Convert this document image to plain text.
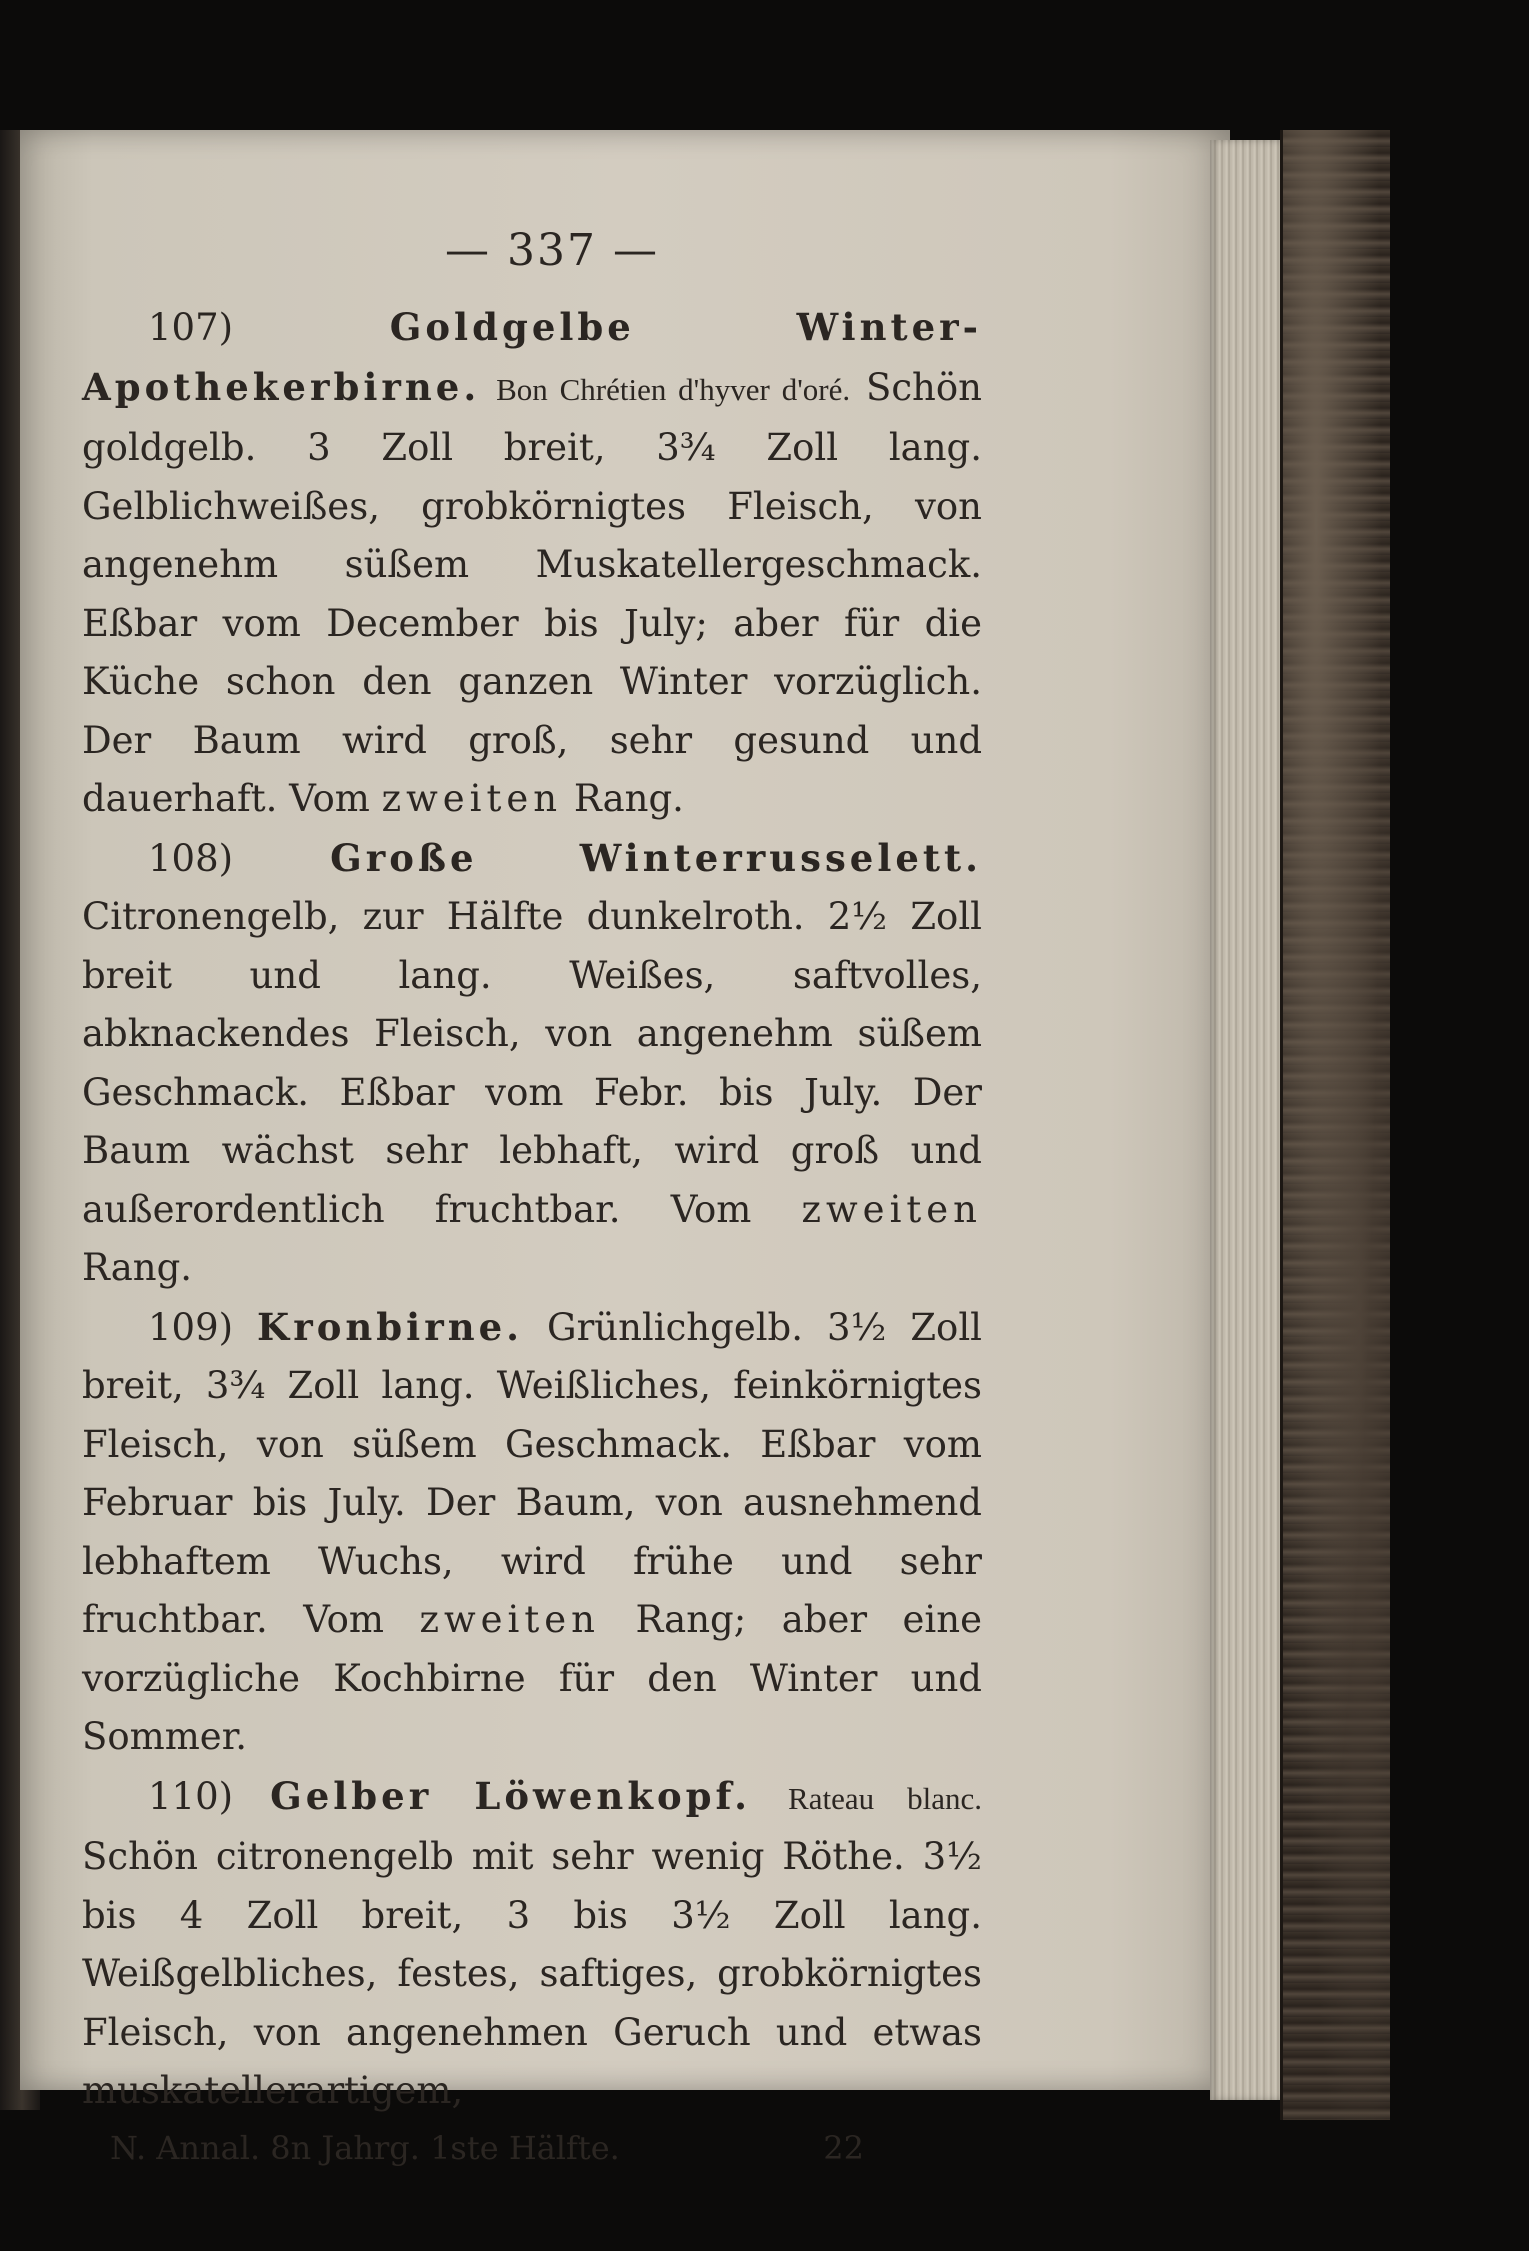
— 337 —

107)	Goldgelbe Winter-Apothekerbirne. Bon Chrétien d'hyver d'oré. Schön goldgelb. 3 Zoll breit, 3¾ Zoll lang. Gelblichweißes, grobkörnigtes Fleisch, von angenehm süßem Muskatellergeschmack. Eßbar vom December bis July; aber für die Küche schon den ganzen Winter vorzüglich. Der Baum wird groß, sehr gesund und dauerhaft. Vom zweiten Rang.

108)	Große Winterrusselett. Citronengelb, zur Hälfte dunkelroth. 2½ Zoll breit und lang. Weißes, saftvolles, abknackendes Fleisch, von angenehm süßem Geschmack. Eßbar vom Febr. bis July. Der Baum wächst sehr lebhaft, wird groß und außerordentlich fruchtbar. Vom zweiten Rang.

109) Kronbirne. Grünlichgelb. 3½ Zoll breit, 3¾ Zoll lang. Weißliches, feinkörnigtes Fleisch, von süßem Geschmack. Eßbar vom Februar bis July. Der Baum, von ausnehmend lebhaftem Wuchs, wird frühe und sehr fruchtbar. Vom zweiten Rang; aber eine vorzügliche Kochbirne für den Winter und Sommer.

110) Gelber Löwenkopf. Rateau blanc. Schön citronengelb mit sehr wenig Röthe. 3½ bis 4 Zoll breit, 3 bis 3½ Zoll lang. Weißgelbliches, festes, saftiges, grobkörnigtes Fleisch, von angenehmen Geruch und etwas muskatellerartigem,

N. Annal. 8n Jahrg. 1ste Hälfte.	22
